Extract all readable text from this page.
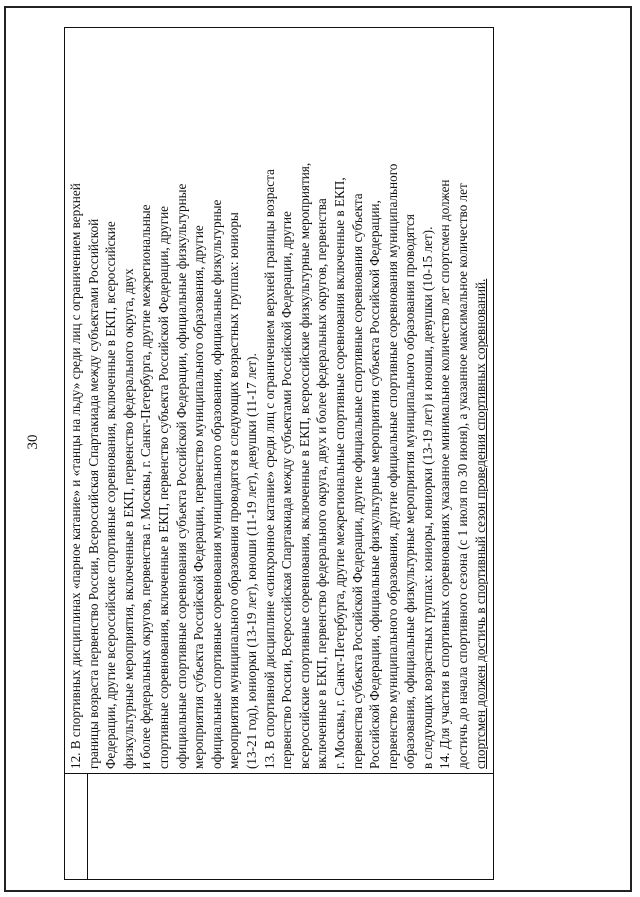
30 12. В спортивных дисциплинах «парное катание» и «танцы на льду» среди лиц с ограничением верхней границы возраста первенство России, Всероссийская Спартакиада между субъектами Российской Федерации, другие всероссийские спортивные соревнования, включенные в ЕКП, всероссийские физкультурные мероприятия, включенные в ЕКП, первенство федерального округа, двух и более федеральных округов, первенства г. Москвы, г. Санкт-Петербурга, другие межрегиональные спортивные соревнования, включенные в ЕКП, первенство субъекта Российской Федерации, другие официальные спортивные соревнования субъекта Российской Федерации, официальные физкультурные мероприятия субъекта Российской Федерации, первенство муниципального образования, другие официальные спортивные соревнования муниципального образования, официальные физкультурные мероприятия муниципального образования проводятся в следующих возрастных группах: юниоры (13-21 год), юниорки (13-19 лет), юноши (11-19 лет), девушки (11-17 лет). 13. В спортивной дисциплине «синхронное катание» среди лиц с ограничением верхней границы возраста первенство России, Всероссийская Спартакиада между субъектами Российской Федерации, другие всероссийские спортивные соревнования, включенные в ЕКП, всероссийские физкультурные мероприятия, включенные в ЕКП, первенство федерального округа, двух и более федеральных округов, первенства г. Москвы, г. Санкт-Петербурга, другие межрегиональные спортивные соревнования включенные в ЕКП, первенства субъекта Российской Федерации, другие официальные спортивные соревнования субъекта Российской Федерации, официальные физкультурные мероприятия субъекта Российской Федерации, первенство муниципального образования, другие официальные спортивные соревнования муниципального образования, официальные физкультурные мероприятия муниципального образования проводятся в следующих возрастных группах: юниоры, юниорки (13-19 лет) и юноши, девушки (10-15 лет). 14. Для участия в спортивных соревнованиях указанное минимальное количество лет спортсмен должен достичь до начала спортивного сезона (с 1 июля по 30 июня), а указанное максимальное количество лет спортсмен должен достичь в спортивный сезон проведения спортивных соревнований.
